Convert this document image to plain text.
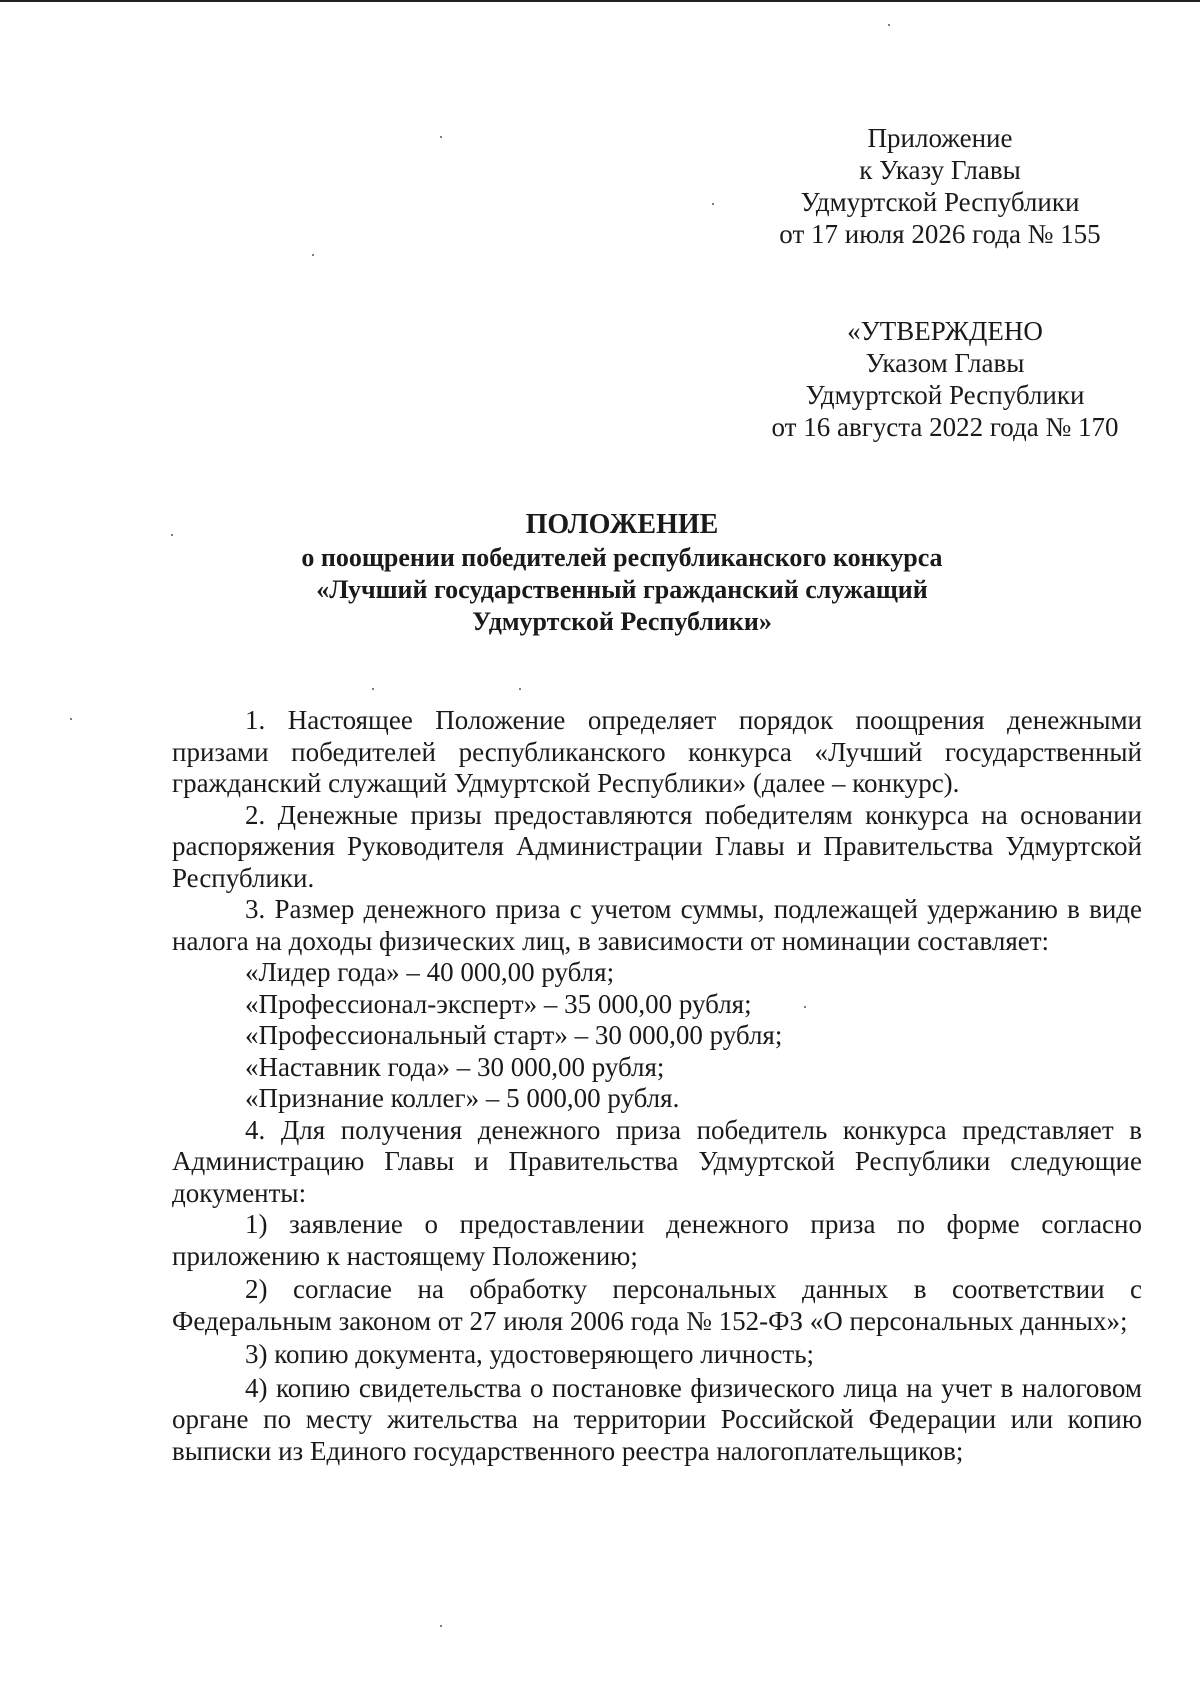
Приложение
к Указу Главы
Удмуртской Республики
от 17 июля 2026 года № 155
«УТВЕРЖДЕНО
Указом Главы
Удмуртской Республики
от 16 августа 2022 года № 170
ПОЛОЖЕНИЕ
о поощрении победителей республиканского конкурса
«Лучший государственный гражданский служащий
Удмуртской Республики»

1. Настоящее Положение определяет порядок поощрения денежными призами победителей республиканского конкурса «Лучший государственный гражданский служащий Удмуртской Республики» (далее – конкурс).

2. Денежные призы предоставляются победителям конкурса на основании распоряжения Руководителя Администрации Главы и Правительства Удмуртской Республики.

3. Размер денежного приза с учетом суммы, подлежащей удержанию в виде налога на доходы физических лиц, в зависимости от номинации составляет:

«Лидер года» – 40 000,00 рубля;
«Профессионал-эксперт» – 35 000,00 рубля;
«Профессиональный старт» – 30 000,00 рубля;
«Наставник года» – 30 000,00 рубля;
«Признание коллег» – 5 000,00 рубля.

4. Для получения денежного приза победитель конкурса представляет в Администрацию Главы и Правительства Удмуртской Республики следующие документы:

1) заявление о предоставлении денежного приза по форме согласно приложению к настоящему Положению;

2) согласие на обработку персональных данных в соответствии с Федеральным законом от 27 июля 2006 года № 152-ФЗ «О персональных данных»;

3) копию документа, удостоверяющего личность;

4) копию свидетельства о постановке физического лица на учет в налоговом органе по месту жительства на территории Российской Федерации или копию выписки из Единого государственного реестра налогоплательщиков;
